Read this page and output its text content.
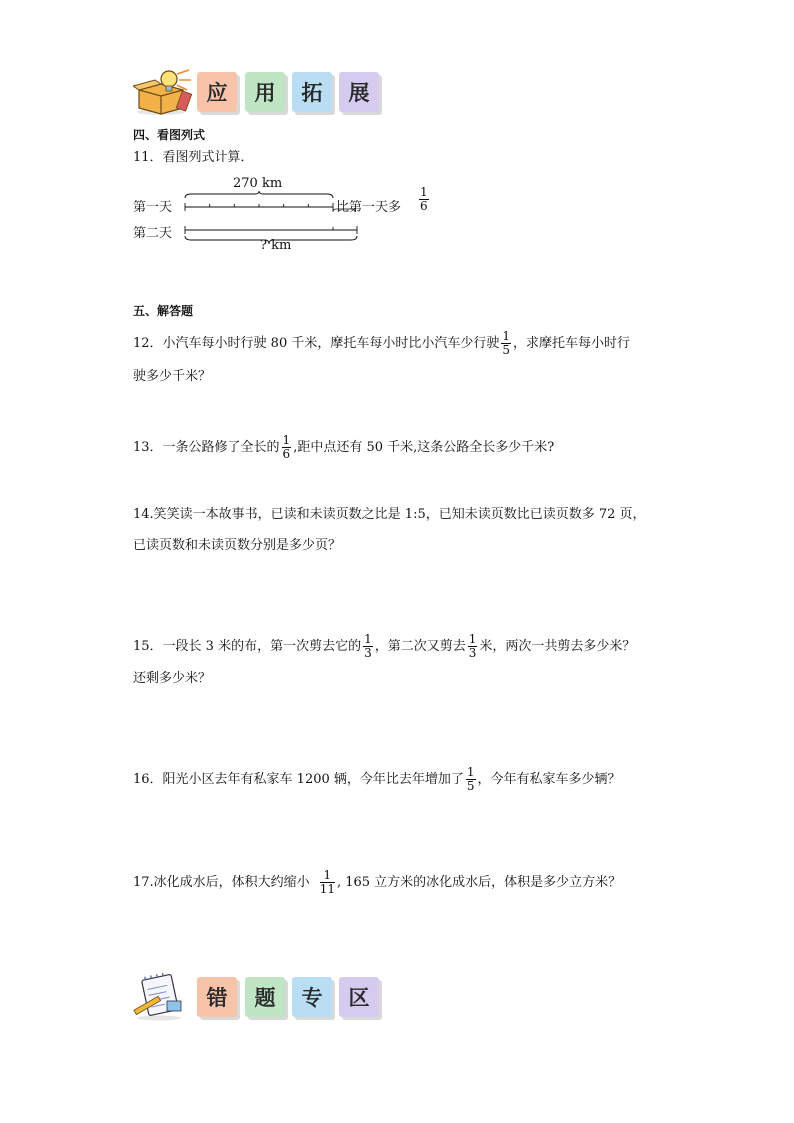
应	用	拓	展
四、看图列式
11．看图列式计算．
第一天
第二天
270 km
? km
比第一天多 $\frac{1}{6}$
五、解答题
12．小汽车每小时行驶 80 千米，摩托车每小时比小汽车少行驶 $\frac{1}{5}$ ，求摩托车每小时行
驶多少千米？
13．一条公路修了全长的 $\frac{1}{6}$ ,距中点还有 50 千米,这条公路全长多少千米?
14.笑笑读一本故事书，已读和未读页数之比是 1:5，已知未读页数比已读页数多 72 页，
已读页数和未读页数分别是多少页？
15．一段长 3 米的布，第一次剪去它的 $\frac{1}{3}$ ，第二次又剪去 $\frac{1}{3}$ 米，两次一共剪去多少米？
还剩多少米？
16．阳光小区去年有私家车 1200 辆，今年比去年增加了 $\frac{1}{5}$ ，今年有私家车多少辆？
17.冰化成水后，体积大约缩小 $\frac{1}{11}$ , 165 立方米的冰化成水后，体积是多少立方米？
错	题	专	区
